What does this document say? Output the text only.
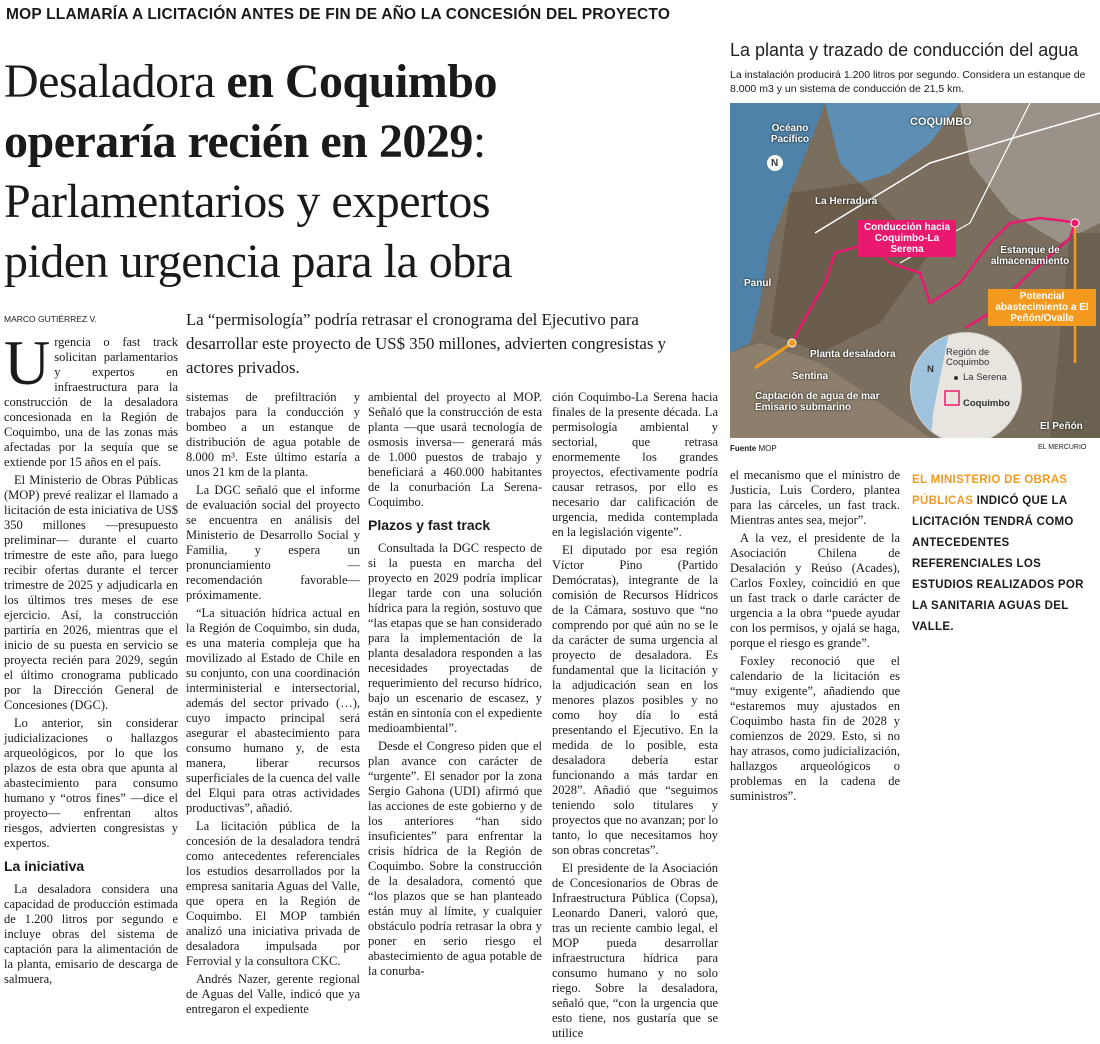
MOP LLAMARÍA A LICITACIÓN ANTES DE FIN DE AÑO LA CONCESIÓN DEL PROYECTO
Desaladora en Coquimbo
operaría recién en 2029:
Parlamentarios y expertos
piden urgencia para la obra
MARCO GUTIÉRREZ V.	La “permisología” podría retrasar el cronograma del Ejecutivo para desarrollar este proyecto de US$ 350 millones, advierten congresistas y actores privados.

Urgencia o fast track solicitan parlamentarios y expertos en infraestructura para la construcción de la desaladora concesionada en la Región de Coquimbo, una de las zonas más afectadas por la sequía que se extiende por 15 años en el país.

El Ministerio de Obras Públicas (MOP) prevé realizar el llamado a licitación de esta iniciativa de US$ 350 millones —presupuesto preliminar— durante el cuarto trimestre de este año, para luego recibir ofertas durante el tercer trimestre de 2025 y adjudicarla en los últimos tres meses de ese ejercicio. Así, la construcción partiría en 2026, mientras que el inicio de su puesta en servicio se proyecta recién para 2029, según el último cronograma publicado por la Dirección General de Concesiones (DGC).

Lo anterior, sin considerar judicializaciones o hallazgos arqueológicos, por lo que los plazos de esta obra que apunta al abastecimiento para consumo humano y “otros fines” —dice el proyecto— enfrentan altos riesgos, advierten congresistas y expertos.

La iniciativa

La desaladora considera una capacidad de producción estimada de 1.200 litros por segundo e incluye obras del sistema de captación para la alimentación de la planta, emisario de descarga de salmuera,

sistemas de prefiltración y trabajos para la conducción y bombeo a un estanque de distribución de agua potable de 8.000 m³. Este último estaría a unos 21 km de la planta.

La DGC señaló que el informe de evaluación social del proyecto se encuentra en análisis del Ministerio de Desarrollo Social y Familia, y espera un pronunciamiento —recomendación favorable— próximamente.

“La situación hídrica actual en la Región de Coquimbo, sin duda, es una materia compleja que ha movilizado al Estado de Chile en su conjunto, con una coordinación interministerial e intersectorial, además del sector privado (…), cuyo impacto principal será asegurar el abastecimiento para consumo humano y, de esta manera, liberar recursos superficiales de la cuenca del valle del Elqui para otras actividades productivas”, añadió.

La licitación pública de la concesión de la desaladora tendrá como antecedentes referenciales los estudios desarrollados por la empresa sanitaria Aguas del Valle, que opera en la Región de Coquimbo. El MOP también analizó una iniciativa privada de desaladora impulsada por Ferrovial y la consultora CKC.

Andrés Nazer, gerente regional de Aguas del Valle, indicó que ya entregaron el expediente

ambiental del proyecto al MOP. Señaló que la construcción de esta planta —que usará tecnología de osmosis inversa— generará más de 1.000 puestos de trabajo y beneficiará a 460.000 habitantes de la conurbación La Serena-Coquimbo.

Plazos y fast track

Consultada la DGC respecto de si la puesta en marcha del proyecto en 2029 podría implicar llegar tarde con una solución hídrica para la región, sostuvo que “las etapas que se han considerado para la implementación de la planta desaladora responden a las necesidades proyectadas de requerimiento del recurso hídrico, bajo un escenario de escasez, y están en sintonía con el expediente medioambiental”.

Desde el Congreso piden que el plan avance con carácter de “urgente”. El senador por la zona Sergio Gahona (UDI) afirmó que las acciones de este gobierno y de los anteriores “han sido insuficientes” para enfrentar la crisis hídrica de la Región de Coquimbo. Sobre la construcción de la desaladora, comentó que “los plazos que se han planteado están muy al límite, y cualquier obstáculo podría retrasar la obra y poner en serio riesgo el abastecimiento de agua potable de la conurba-

ción Coquimbo-La Serena hacia finales de la presente década. La permisología ambiental y sectorial, que retrasa enormemente los grandes proyectos, efectivamente podría causar retrasos, por ello es necesario dar calificación de urgencia, medida contemplada en la legislación vigente”.

El diputado por esa región Víctor Pino (Partido Demócratas), integrante de la comisión de Recursos Hídricos de la Cámara, sostuvo que “no comprendo por qué aún no se le da carácter de suma urgencia al proyecto de desaladora. Es fundamental que la licitación y la adjudicación sean en los menores plazos posibles y no como hoy día lo está presentando el Ejecutivo. En la medida de lo posible, esta desaladora debería estar funcionando a más tardar en 2028”. Añadió que “seguimos teniendo solo titulares y proyectos que no avanzan; por lo tanto, lo que necesitamos hoy son obras concretas”.

El presidente de la Asociación de Concesionarios de Obras de Infraestructura Pública (Copsa), Leonardo Daneri, valoró que, tras un reciente cambio legal, el MOP pueda desarrollar infraestructura hídrica para consumo humano y no solo riego. Sobre la desaladora, señaló que, “con la urgencia que esto tiene, nos gustaría que se utilice

el mecanismo que el ministro de Justicia, Luis Cordero, plantea para las cárceles, un fast track. Mientras antes sea, mejor”.

A la vez, el presidente de la Asociación Chilena de Desalación y Reúso (Acades), Carlos Foxley, coincidió en que un fast track o darle carácter de urgencia a la obra “puede ayudar con los permisos, y ojalá se haga, porque el riesgo es grande”.

Foxley reconoció que el calendario de la licitación es “muy exigente”, añadiendo que “estaremos muy ajustados en Coquimbo hasta fin de 2028 y comienzos de 2029. Esto, si no hay atrasos, como judicialización, hallazgos arqueológicos o problemas en la cadena de suministros”.

EL MINISTERIO DE OBRAS PÚBLICAS INDICÓ QUE LA LICITACIÓN TENDRÁ COMO ANTECEDENTES REFERENCIALES LOS ESTUDIOS REALIZADOS POR LA SANITARIA AGUAS DEL VALLE.
La planta y trazado de conducción del agua
La instalación producirá 1.200 litros por segundo. Considera un estanque de 8.000 m3 y un sistema de conducción de 21,5 km.
Océano Pacífico
N
COQUIMBO
La Herradura
Panul
Conducción hacia Coquimbo-La Serena	Estanque de almacenamiento
Potencial abastecimiento a El Peñón/Ovalle
Planta desaladora
Sentina
Captación de agua de mar Emisario submarino
El Peñón
Región de Coquimbo
La Serena
Coquimbo
N
Fuente MOP	EL MERCURIO
